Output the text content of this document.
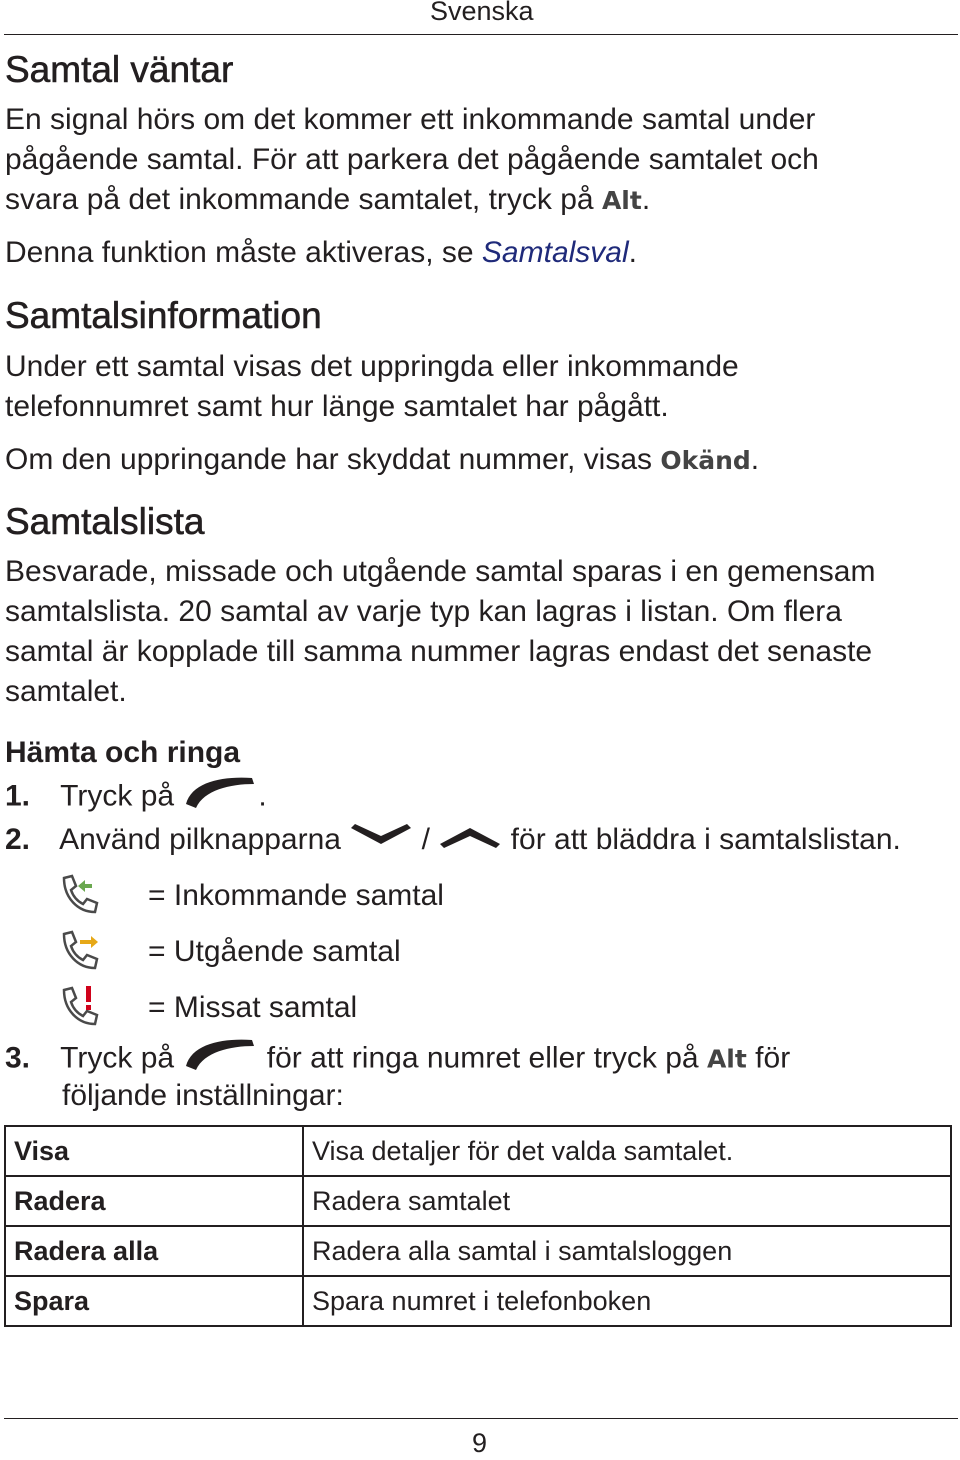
Svenska
Samtal väntar
En signal hörs om det kommer ett inkommande samtal under
pågående samtal. För att parkera det pågående samtalet och
svara på det inkommande samtalet, tryck på Alt.
Denna funktion måste aktiveras, se Samtalsval.
Samtalsinformation
Under ett samtal visas det uppringda eller inkommande
telefonnumret samt hur länge samtalet har pågått.
Om den uppringande har skyddat nummer, visas Okänd.
Samtalslista
Besvarade, missade och utgående samtal sparas i en gemensam
samtalslista. 20 samtal av varje typ kan lagras i listan. Om flera
samtal är kopplade till samma nummer lagras endast det senaste
samtalet.
Hämta och ringa
1. Tryck på	.
2. Använd pilknapparna	/	för att bläddra i samtalslistan.
= Inkommande samtal
= Utgående samtal
= Missat samtal
3. Tryck på	för att ringa numret eller tryck på Alt för
följande inställningar:
Visa	Visa detaljer för det valda samtalet.
Radera	Radera samtalet
Radera alla	Radera alla samtal i samtalsloggen
Spara	Spara numret i telefonboken
9
